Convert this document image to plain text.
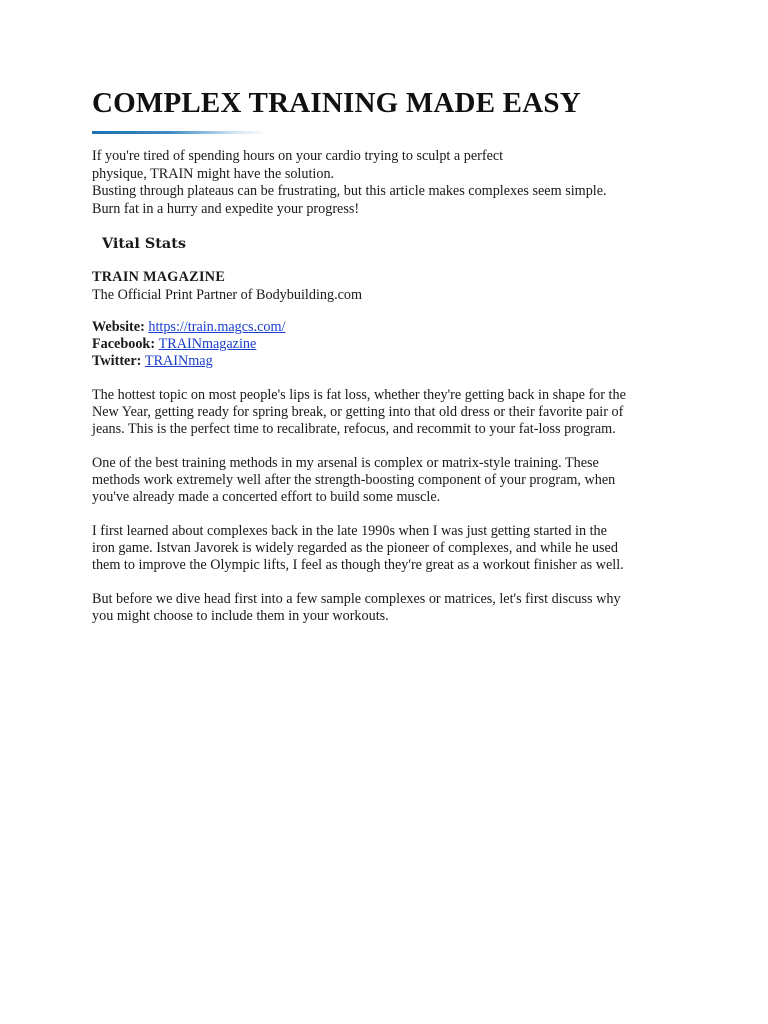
COMPLEX TRAINING MADE EASY
If you're tired of spending hours on your cardio trying to sculpt a perfect
physique, TRAIN might have the solution.
Busting through plateaus can be frustrating, but this article makes complexes seem simple.
Burn fat in a hurry and expedite your progress!
Vital Stats
TRAIN MAGAZINE
The Official Print Partner of Bodybuilding.com
Website: https://train.magcs.com/
Facebook: TRAINmagazine
Twitter: TRAINmag
The hottest topic on most people's lips is fat loss, whether they're getting back in shape for the
New Year, getting ready for spring break, or getting into that old dress or their favorite pair of
jeans. This is the perfect time to recalibrate, refocus, and recommit to your fat-loss program.
One of the best training methods in my arsenal is complex or matrix-style training. These
methods work extremely well after the strength-boosting component of your program, when
you've already made a concerted effort to build some muscle.
I first learned about complexes back in the late 1990s when I was just getting started in the
iron game. Istvan Javorek is widely regarded as the pioneer of complexes, and while he used
them to improve the Olympic lifts, I feel as though they're great as a workout finisher as well.
But before we dive head first into a few sample complexes or matrices, let's first discuss why
you might choose to include them in your workouts.
